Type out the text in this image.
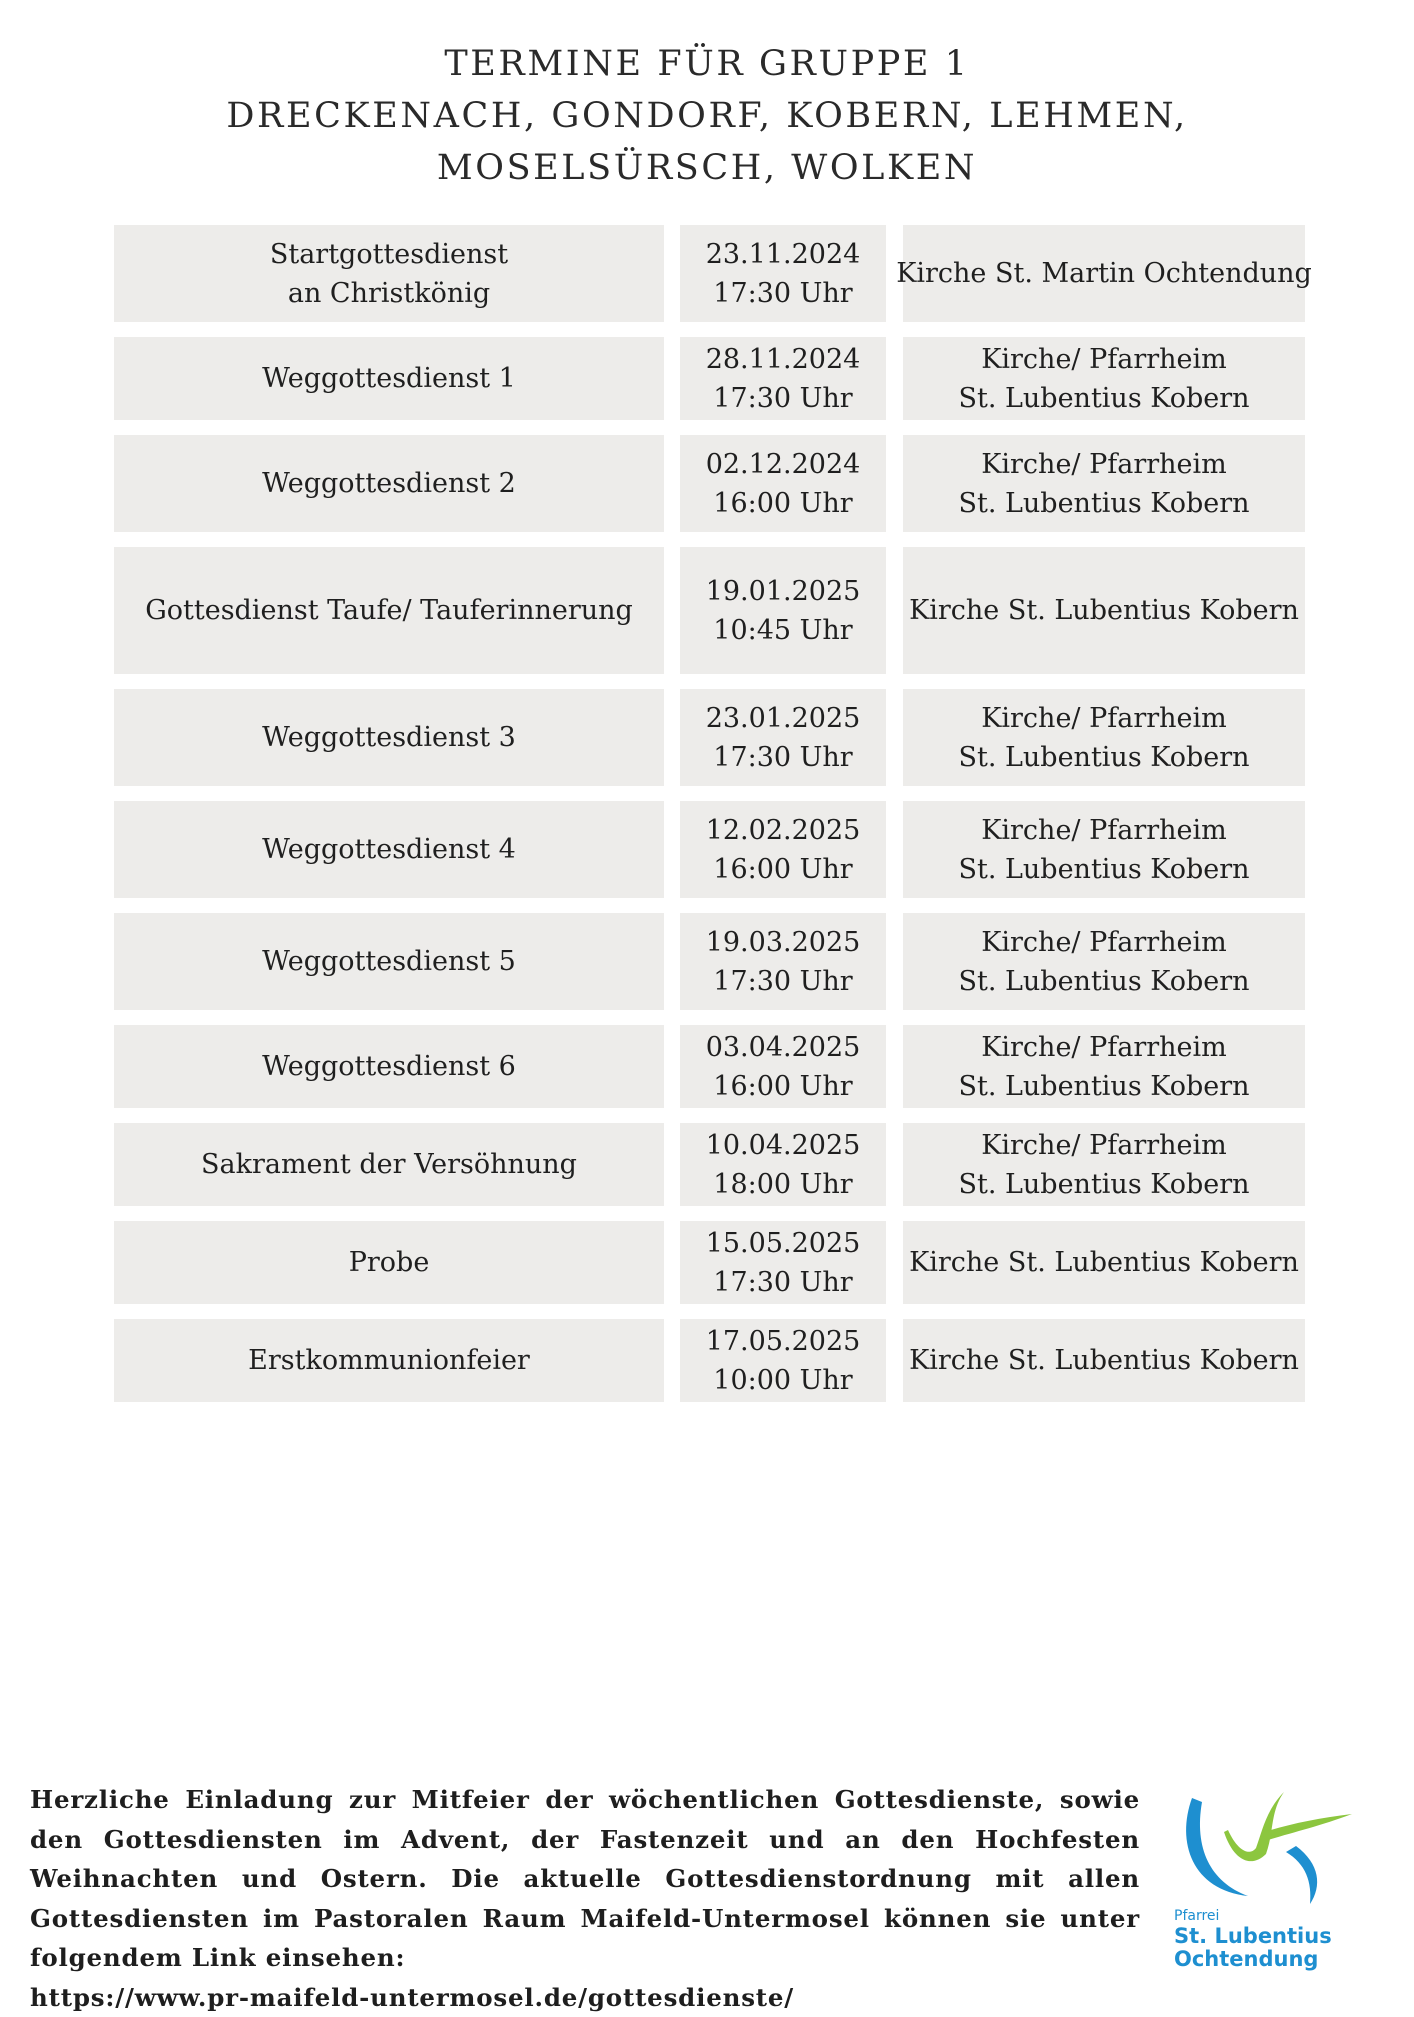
TERMINE FÜR GRUPPE 1
DRECKENACH, GONDORF, KOBERN, LEHMEN,
MOSELSÜRSCH, WOLKEN
Startgottesdienst
an Christkönig
23.11.2024
17:30 Uhr
Kirche St. Martin Ochtendung
Weggottesdienst 1
28.11.2024
17:30 Uhr
Kirche/ Pfarrheim
St. Lubentius Kobern
Weggottesdienst 2
02.12.2024
16:00 Uhr
Kirche/ Pfarrheim
St. Lubentius Kobern
Gottesdienst Taufe/ Tauferinnerung
19.01.2025
10:45 Uhr
Kirche St. Lubentius Kobern
Weggottesdienst 3
23.01.2025
17:30 Uhr
Kirche/ Pfarrheim
St. Lubentius Kobern
Weggottesdienst 4
12.02.2025
16:00 Uhr
Kirche/ Pfarrheim
St. Lubentius Kobern
Weggottesdienst 5
19.03.2025
17:30 Uhr
Kirche/ Pfarrheim
St. Lubentius Kobern
Weggottesdienst 6
03.04.2025
16:00 Uhr
Kirche/ Pfarrheim
St. Lubentius Kobern
Sakrament der Versöhnung
10.04.2025
18:00 Uhr
Kirche/ Pfarrheim
St. Lubentius Kobern
Probe
15.05.2025
17:30 Uhr
Kirche St. Lubentius Kobern
Erstkommunionfeier
17.05.2025
10:00 Uhr
Kirche St. Lubentius Kobern
Herzliche Einladung zur Mitfeier der wöchentlichen Gottesdienste, sowie den Gottesdiensten im Advent, der Fastenzeit und an den Hochfesten Weihnachten und Ostern. Die aktuelle Gottesdienstordnung mit allen Gottesdiensten im Pastoralen Raum Maifeld-Untermosel können sie unter folgendem Link einsehen:
https://www.pr-maifeld-untermosel.de/gottesdienste/
Pfarrei
St. Lubentius
Ochtendung
